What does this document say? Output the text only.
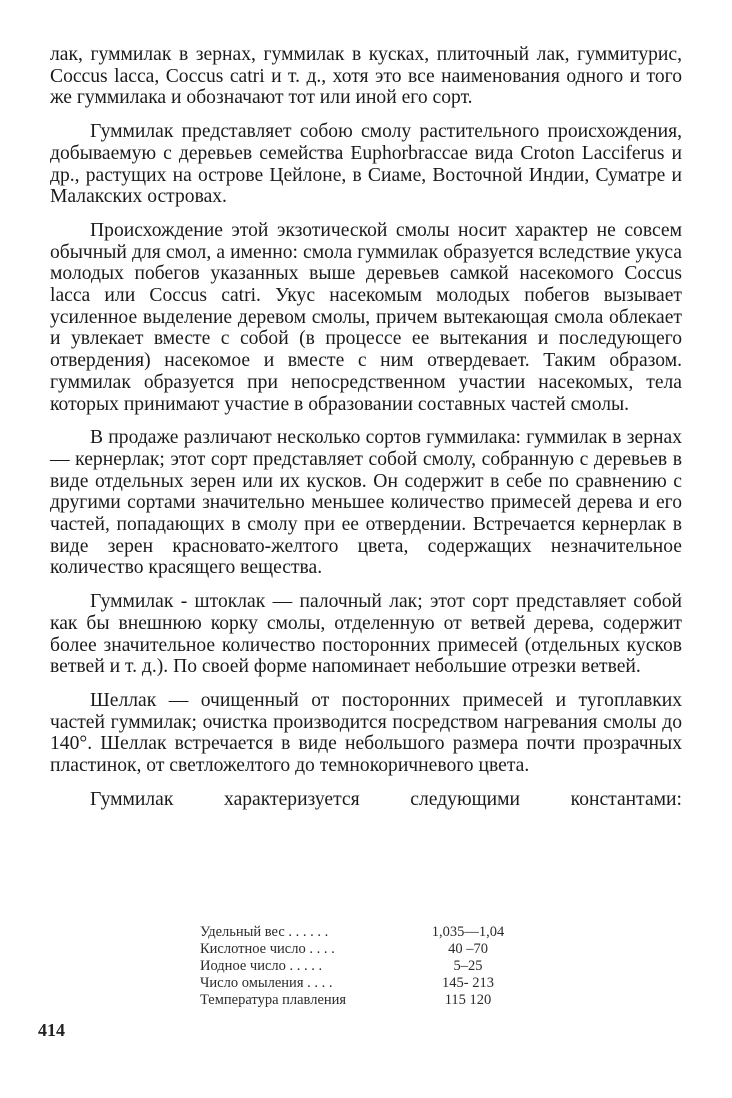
лак, гуммилак в зернах, гуммилак в кусках, плиточный лак, гуммитурис, Coccus lacca, Coccus catri и т. д., хотя это все наименования одного и того же гуммилака и обозначают тот или иной его сорт.

Гуммилак представляет собою смолу растительного происхождения, добываемую с деревьев семейства Euphorbraccae вида Croton Lacciferus и др., растущих на острове Цейлоне, в Сиаме, Восточной Индии, Суматре и Малакских островах.

Происхождение этой экзотической смолы носит характер не совсем обычный для смол, а именно: смола гуммилак образуется вследствие укуса молодых побегов указанных выше деревьев самкой насекомого Coccus lacca или Coccus catri. Укус насекомым молодых побегов вызывает усиленное выделение деревом смолы, причем вытекающая смола облекает и увлекает вместе с собой (в процессе ее вытекания и последующего отвердения) насекомое и вместе с ним отвердевает. Таким образом. гуммилак образуется при непосредственном участии насекомых, тела которых принимают участие в образовании составных частей смолы.

В продаже различают несколько сортов гуммилака: гуммилак в зернах — кернерлак; этот сорт представляет собой смолу, собранную с деревьев в виде отдельных зерен или их кусков. Он содержит в себе по сравнению с другими сортами значительно меньшее количество примесей дерева и его частей, попадающих в смолу при ее отвердении. Встречается кернерлак в виде зерен красновато-желтого цвета, содержащих незначительное количество красящего вещества.

Гуммилак - штоклак — палочный лак; этот сорт представляет собой как бы внешнюю корку смолы, отделенную от ветвей дерева, содержит более значительное количество посторонних примесей (отдельных кусков ветвей и т. д.). По своей форме напоминает небольшие отрезки ветвей.

Шеллак — очищенный от посторонних примесей и тугоплавких частей гуммилак; очистка производится посредством нагревания смолы до 140°. Шеллак встречается в виде небольшого размера почти прозрачных пластинок, от светложелтого до темнокоричневого цвета.

Гуммилак характеризуется следующими константами:

Удельный вес . . . . . .	1,035—1,04
Кислотное число . . . .	40 –70
Иодное число . . . . .	5–25
Число омыления . . . .	145- 213
Температура плавления	115 120
414
